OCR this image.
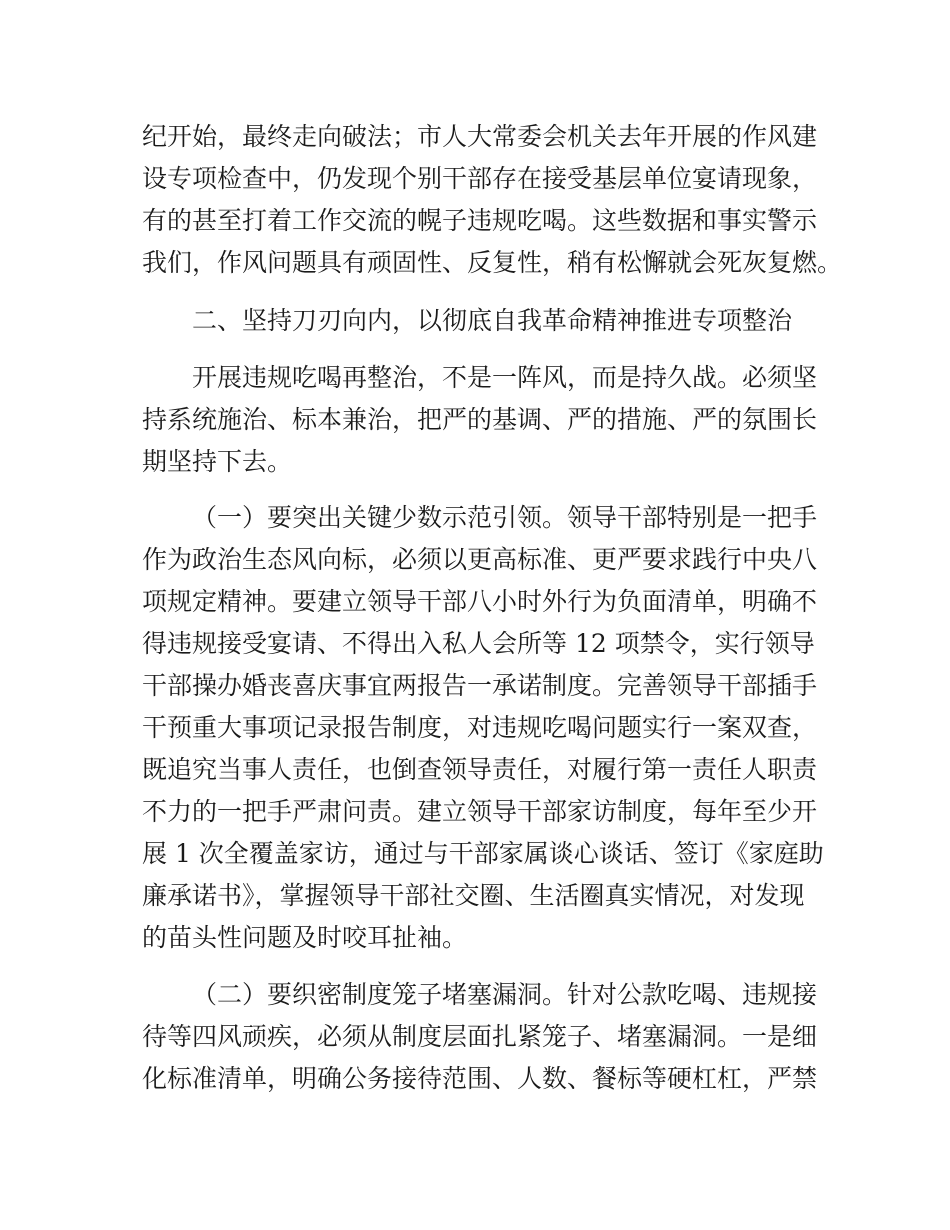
纪开始，最终走向破法；市人大常委会机关去年开展的作风建
设专项检查中，仍发现个别干部存在接受基层单位宴请现象，
有的甚至打着工作交流的幌子违规吃喝。这些数据和事实警示
我们，作风问题具有顽固性、反复性，稍有松懈就会死灰复燃。
二、坚持刀刃向内，以彻底自我革命精神推进专项整治
开展违规吃喝再整治，不是一阵风，而是持久战。必须坚
持系统施治、标本兼治，把严的基调、严的措施、严的氛围长
期坚持下去。
（一）要突出关键少数示范引领。领导干部特别是一把手
作为政治生态风向标，必须以更高标准、更严要求践行中央八
项规定精神。要建立领导干部八小时外行为负面清单，明确不
得违规接受宴请、不得出入私人会所等 12 项禁令，实行领导
干部操办婚丧喜庆事宜两报告一承诺制度。完善领导干部插手
干预重大事项记录报告制度，对违规吃喝问题实行一案双查，
既追究当事人责任，也倒查领导责任，对履行第一责任人职责
不力的一把手严肃问责。建立领导干部家访制度，每年至少开
展 1 次全覆盖家访，通过与干部家属谈心谈话、签订《家庭助
廉承诺书》，掌握领导干部社交圈、生活圈真实情况，对发现
的苗头性问题及时咬耳扯袖。
（二）要织密制度笼子堵塞漏洞。针对公款吃喝、违规接
待等四风顽疾，必须从制度层面扎紧笼子、堵塞漏洞。一是细
化标准清单，明确公务接待范围、人数、餐标等硬杠杠，严禁
